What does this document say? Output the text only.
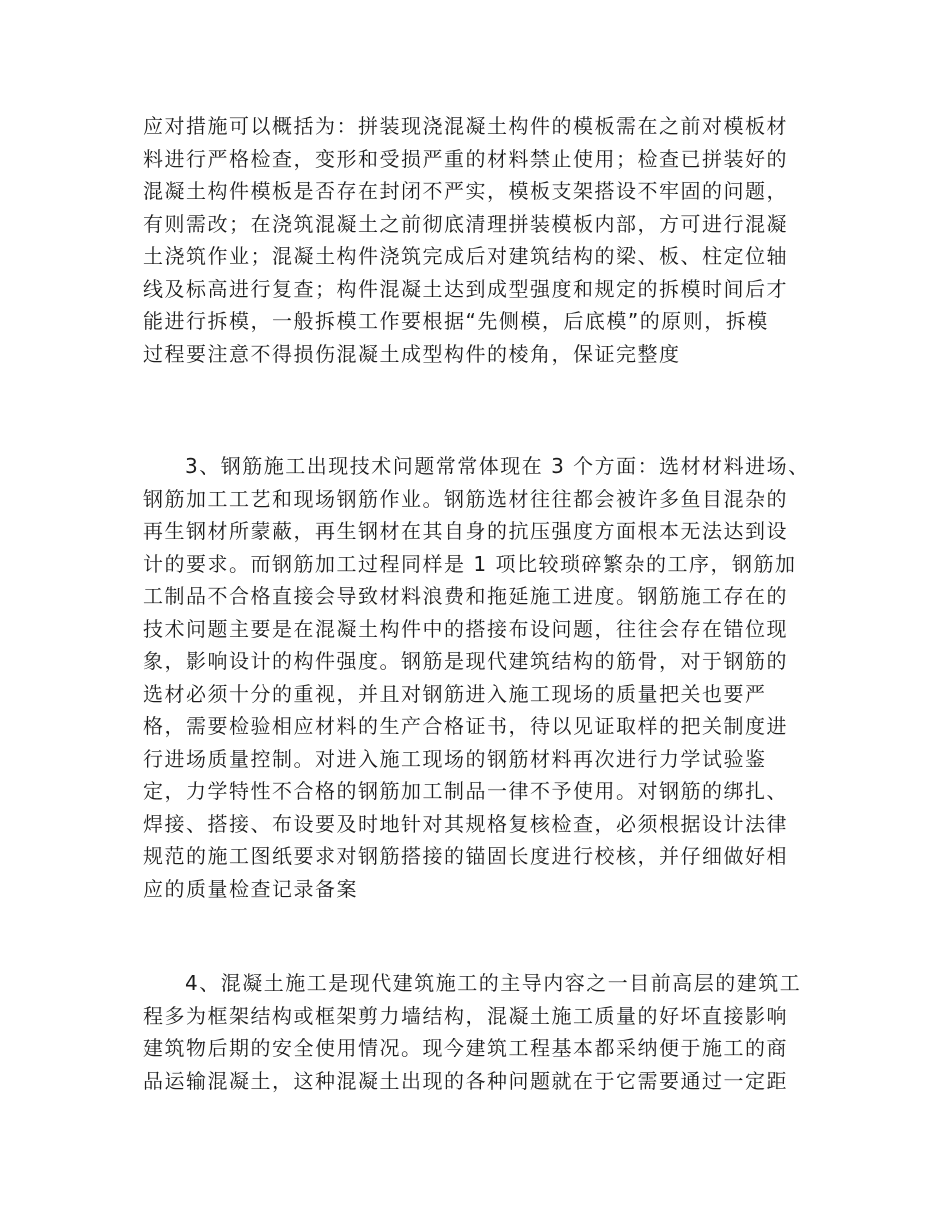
应对措施可以概括为：拼装现浇混凝土构件的模板需在之前对模板材
料进行严格检查，变形和受损严重的材料禁止使用；检查已拼装好的
混凝土构件模板是否存在封闭不严实，模板支架搭设不牢固的问题，
有则需改；在浇筑混凝土之前彻底清理拼装模板内部，方可进行混凝
土浇筑作业；混凝土构件浇筑完成后对建筑结构的梁、板、柱定位轴
线及标高进行复查；构件混凝土达到成型强度和规定的拆模时间后才
能进行拆模，一般拆模工作要根据“先侧模，后底模”的原则，拆模
过程要注意不得损伤混凝土成型构件的棱角，保证完整度
3、钢筋施工出现技术问题常常体现在 3 个方面：选材材料进场、
钢筋加工工艺和现场钢筋作业。钢筋选材往往都会被许多鱼目混杂的
再生钢材所蒙蔽，再生钢材在其自身的抗压强度方面根本无法达到设
计的要求。而钢筋加工过程同样是 1 项比较琐碎繁杂的工序，钢筋加
工制品不合格直接会导致材料浪费和拖延施工进度。钢筋施工存在的
技术问题主要是在混凝土构件中的搭接布设问题，往往会存在错位现
象，影响设计的构件强度。钢筋是现代建筑结构的筋骨，对于钢筋的
选材必须十分的重视，并且对钢筋进入施工现场的质量把关也要严
格，需要检验相应材料的生产合格证书，待以见证取样的把关制度进
行进场质量控制。对进入施工现场的钢筋材料再次进行力学试验鉴
定，力学特性不合格的钢筋加工制品一律不予使用。对钢筋的绑扎、
焊接、搭接、布设要及时地针对其规格复核检查，必须根据设计法律
规范的施工图纸要求对钢筋搭接的锚固长度进行校核，并仔细做好相
应的质量检查记录备案
4、混凝土施工是现代建筑施工的主导内容之一目前高层的建筑工
程多为框架结构或框架剪力墙结构，混凝土施工质量的好坏直接影响
建筑物后期的安全使用情况。现今建筑工程基本都采纳便于施工的商
品运输混凝土，这种混凝土出现的各种问题就在于它需要通过一定距
